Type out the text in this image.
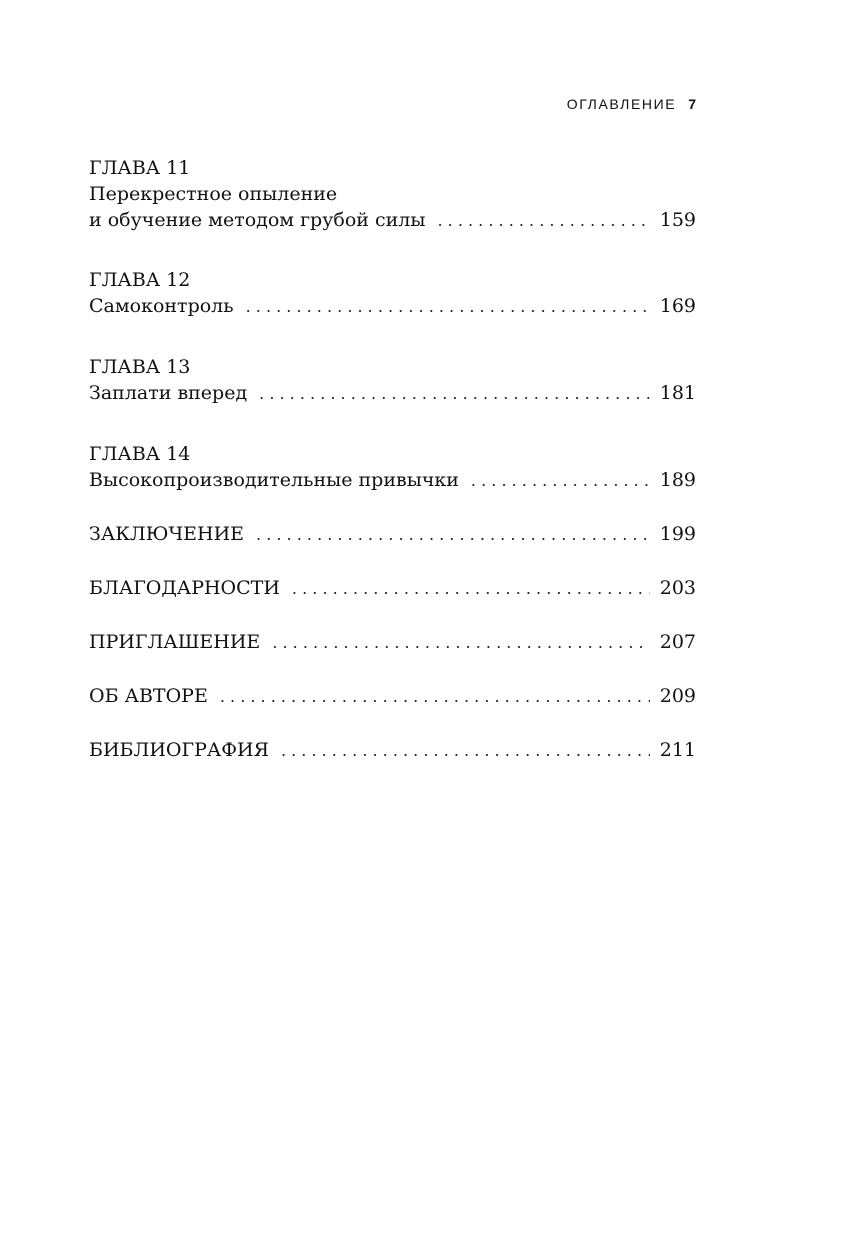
ОГЛАВЛЕНИЕ 7
ГЛАВА 11
Перекрестное опыление
и обучение методом грубой силы . . .	159
ГЛАВА 12
Самоконтроль . . .	169
ГЛАВА 13
Заплати вперед . . .	181
ГЛАВА 14
Высокопроизводительные привычки . . .	189
ЗАКЛЮЧЕНИЕ . . .	199
БЛАГОДАРНОСТИ . . .	203
ПРИГЛАШЕНИЕ . . .	207
ОБ АВТОРЕ . . .	209
БИБЛИОГРАФИЯ . . .	211
